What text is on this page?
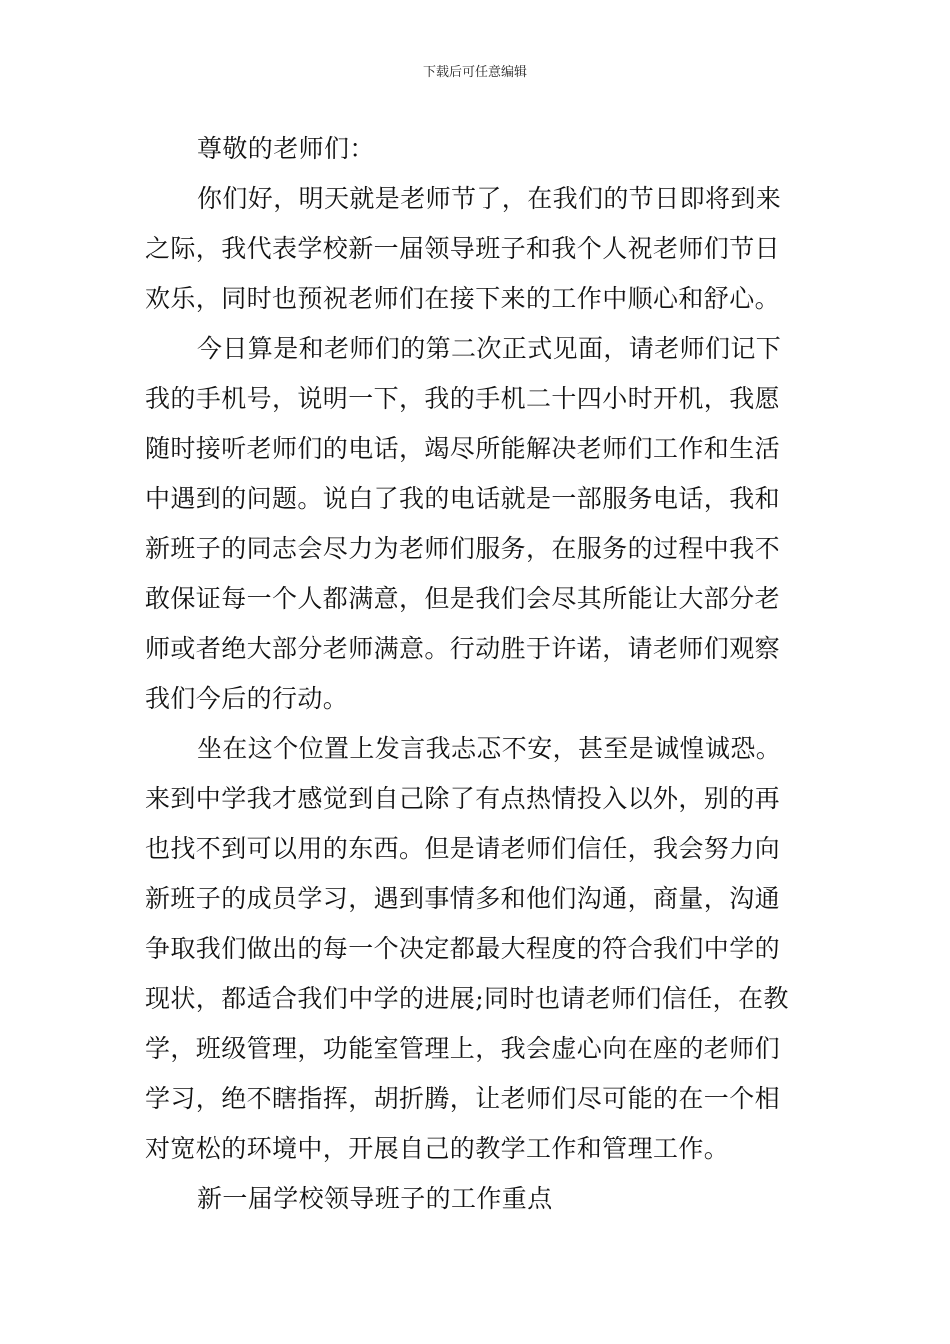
下载后可任意编辑
尊敬的老师们：
你们好，明天就是老师节了，在我们的节日即将到来
之际，我代表学校新一届领导班子和我个人祝老师们节日
欢乐，同时也预祝老师们在接下来的工作中顺心和舒心。
今日算是和老师们的第二次正式见面，请老师们记下
我的手机号，说明一下，我的手机二十四小时开机，我愿
随时接听老师们的电话，竭尽所能解决老师们工作和生活
中遇到的问题。说白了我的电话就是一部服务电话，我和
新班子的同志会尽力为老师们服务，在服务的过程中我不
敢保证每一个人都满意，但是我们会尽其所能让大部分老
师或者绝大部分老师满意。行动胜于许诺，请老师们观察
我们今后的行动。
坐在这个位置上发言我忐忑不安，甚至是诚惶诚恐。
来到中学我才感觉到自己除了有点热情投入以外，别的再
也找不到可以用的东西。但是请老师们信任，我会努力向
新班子的成员学习，遇到事情多和他们沟通，商量，沟通
争取我们做出的每一个决定都最大程度的符合我们中学的
现状，都适合我们中学的进展;同时也请老师们信任，在教
学，班级管理，功能室管理上，我会虚心向在座的老师们
学习，绝不瞎指挥，胡折腾，让老师们尽可能的在一个相
对宽松的环境中，开展自己的教学工作和管理工作。
新一届学校领导班子的工作重点
